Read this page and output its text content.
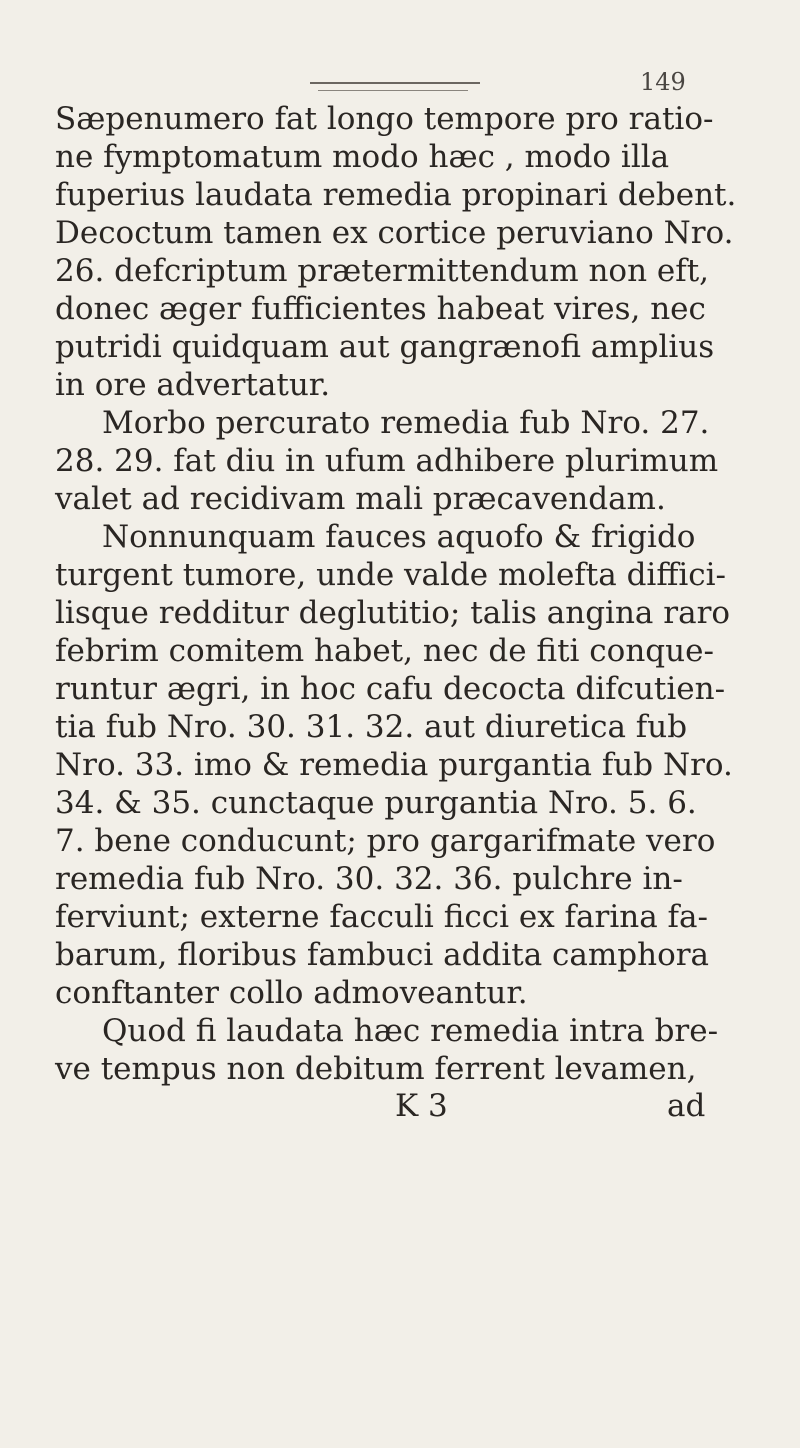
149
Sæpenumero fat longo tempore pro ratio-
ne fymptomatum modo hæc , modo illa
fuperius laudata remedia propinari debent.
Decoctum tamen ex cortice peruviano Nro.
26. defcriptum prætermittendum non eft,
donec æger fufficientes habeat vires, nec
putridi quidquam aut gangrænofi amplius
in ore advertatur.
Morbo percurato remedia fub Nro. 27.
28. 29. fat diu in ufum adhibere plurimum
valet ad recidivam mali præcavendam.
Nonnunquam fauces aquofo & frigido
turgent tumore, unde valde molefta diffici-
lisque redditur deglutitio; talis angina raro
febrim comitem habet, nec de fiti conque-
runtur ægri, in hoc cafu decocta difcutien-
tia fub Nro. 30. 31. 32. aut diuretica fub
Nro. 33. imo & remedia purgantia fub Nro.
34. & 35. cunctaque purgantia Nro. 5. 6.
7. bene conducunt; pro gargarifmate vero
remedia fub Nro. 30. 32. 36. pulchre in-
ferviunt; externe facculi ficci ex farina fa-
barum, floribus fambuci addita camphora
conftanter collo admoveantur.
Quod fi laudata hæc remedia intra bre-
ve tempus non debitum ferrent levamen,
K 3	ad
